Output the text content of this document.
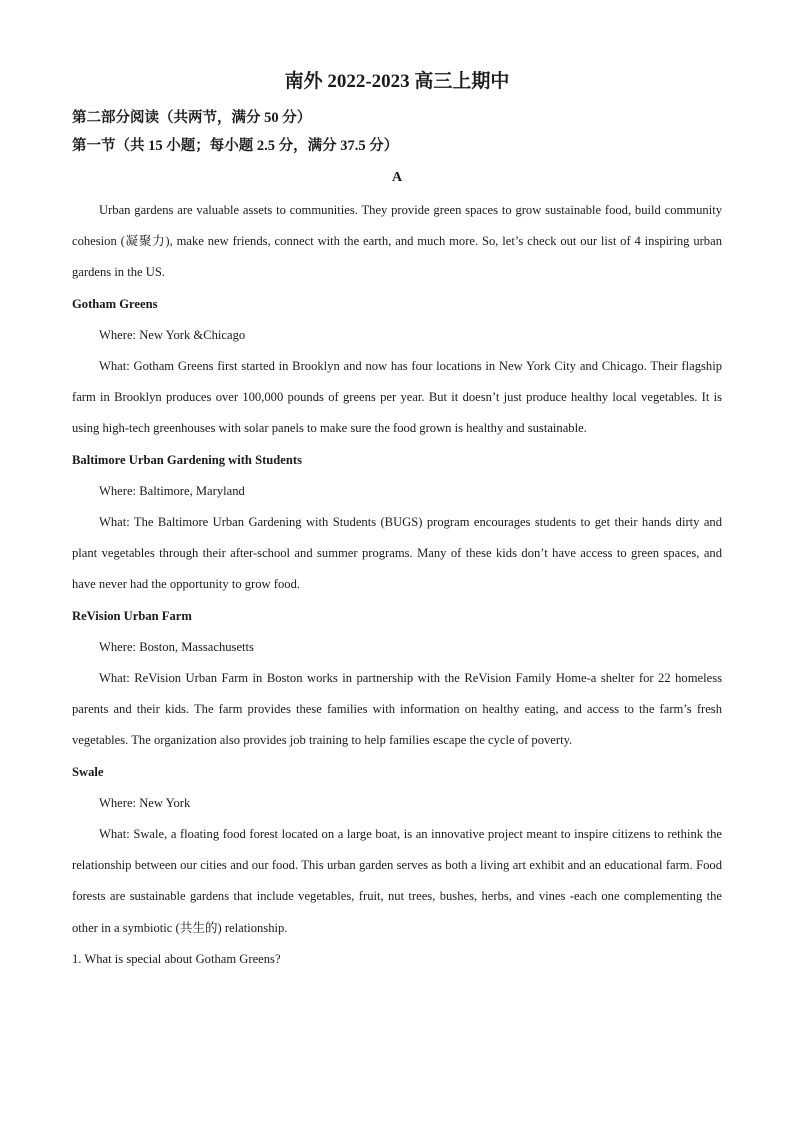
南外 2022-2023 高三上期中
第二部分阅读（共两节，满分 50 分）
第一节（共 15 小题；每小题 2.5 分，满分 37.5 分）
A

Urban gardens are valuable assets to communities. They provide green spaces to grow sustainable food, build community cohesion (凝聚力), make new friends, connect with the earth, and much more. So, let’s check out our list of 4 inspiring urban gardens in the US.

Gotham Greens
Where: New York &Chicago

What: Gotham Greens first started in Brooklyn and now has four locations in New York City and Chicago. Their flagship farm in Brooklyn produces over 100,000 pounds of greens per year. But it doesn’t just produce healthy local vegetables. It is using high-tech greenhouses with solar panels to make sure the food grown is healthy and sustainable.

Baltimore Urban Gardening with Students
Where: Baltimore, Maryland

What: The Baltimore Urban Gardening with Students (BUGS) program encourages students to get their hands dirty and plant vegetables through their after-school and summer programs. Many of these kids don’t have access to green spaces, and have never had the opportunity to grow food.

ReVision Urban Farm
Where: Boston, Massachusetts

What: ReVision Urban Farm in Boston works in partnership with the ReVision Family Home-a shelter for 22 homeless parents and their kids. The farm provides these families with information on healthy eating, and access to the farm’s fresh vegetables. The organization also provides job training to help families escape the cycle of poverty.

Swale
Where: New York

What: Swale, a floating food forest located on a large boat, is an innovative project meant to inspire citizens to rethink the relationship between our cities and our food. This urban garden serves as both a living art exhibit and an educational farm. Food forests are sustainable gardens that include vegetables, fruit, nut trees, bushes, herbs, and vines -each one complementing the other in a symbiotic (共生的) relationship.

1. What is special about Gotham Greens?
